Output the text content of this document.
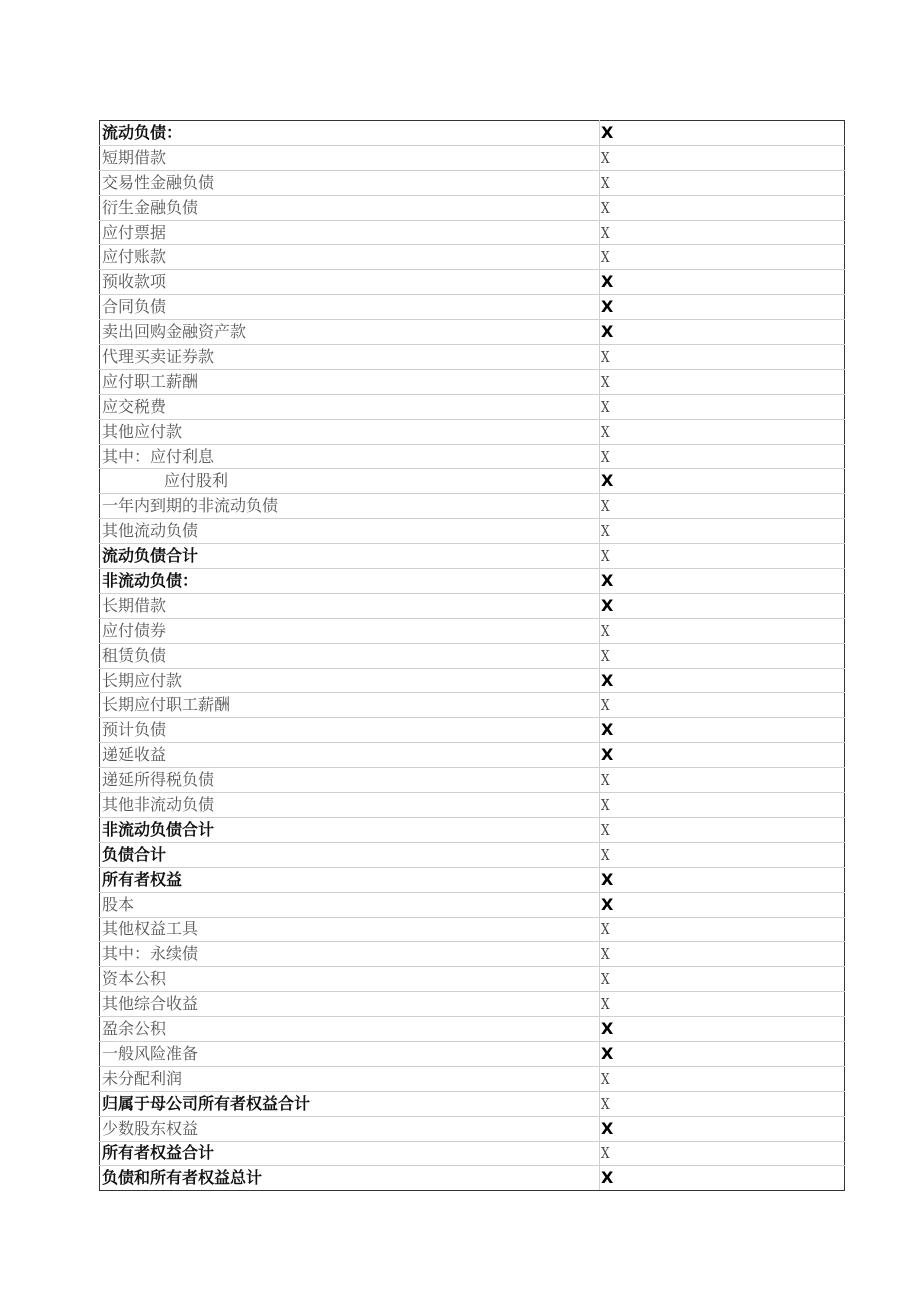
流动负债：	X
短期借款	X
交易性金融负债	X
衍生金融负债	X
应付票据	X
应付账款	X
预收款项	X
合同负债	X
卖出回购金融资产款	X
代理买卖证券款	X
应付职工薪酬	X
应交税费	X
其他应付款	X
其中：应付利息	X
应付股利	X
一年内到期的非流动负债	X
其他流动负债	X
流动负债合计	X
非流动负债：	X
长期借款	X
应付债券	X
租赁负债	X
长期应付款	X
长期应付职工薪酬	X
预计负债	X
递延收益	X
递延所得税负债	X
其他非流动负债	X
非流动负债合计	X
负债合计	X
所有者权益	X
股本	X
其他权益工具	X
其中：永续债	X
资本公积	X
其他综合收益	X
盈余公积	X
一般风险准备	X
未分配利润	X
归属于母公司所有者权益合计	X
少数股东权益	X
所有者权益合计	X
负债和所有者权益总计	X
